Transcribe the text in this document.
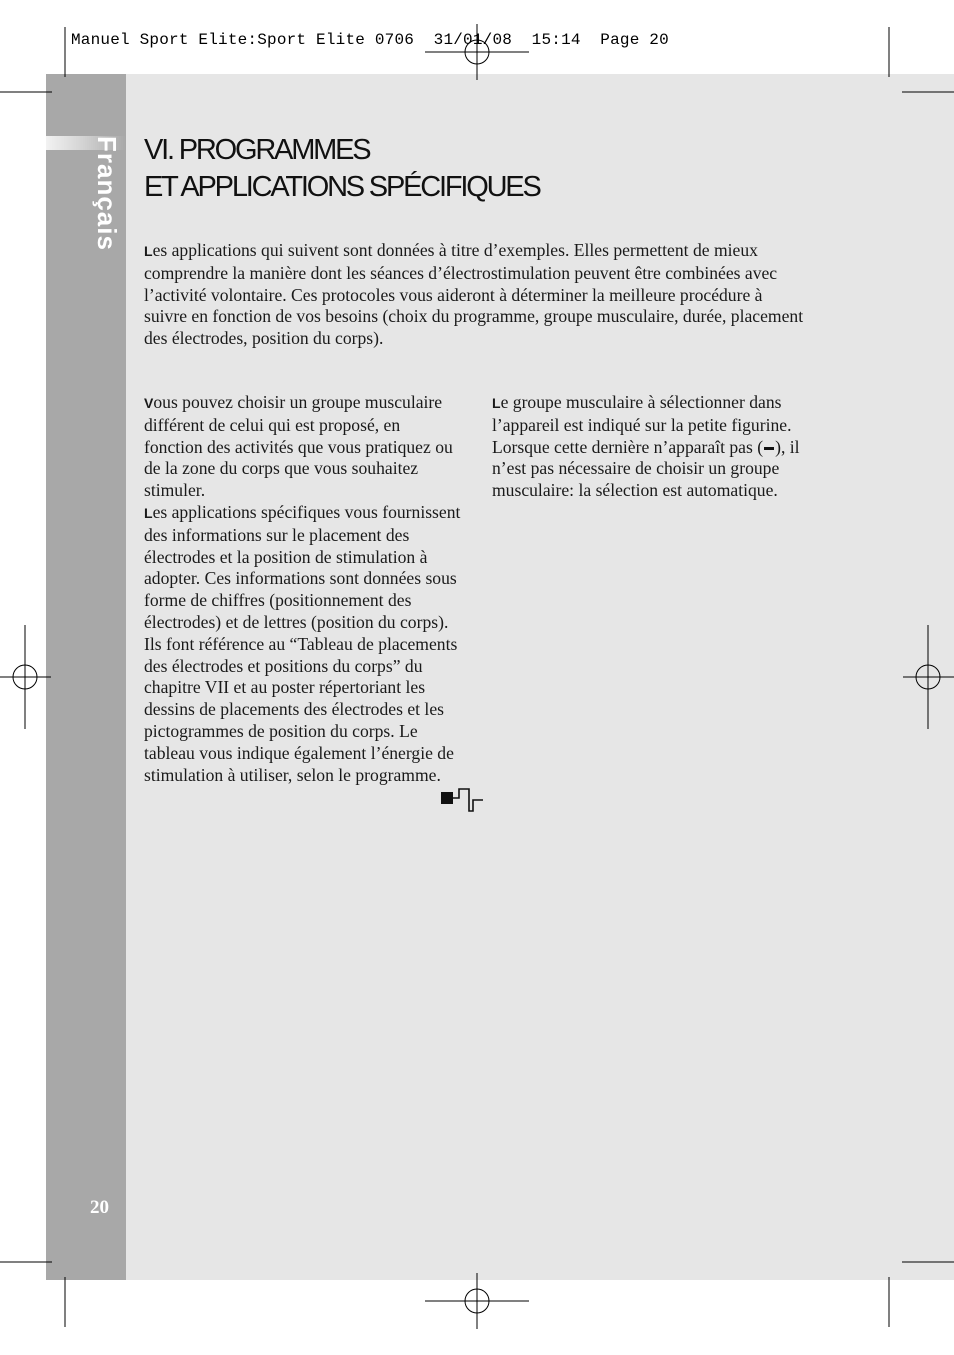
Manuel Sport Elite:Sport Elite 0706  31/01/08  15:14  Page 20
Français
20
VI. PROGRAMMES
ET APPLICATIONS SPÉCIFIQUES

Les applications qui suivent sont données à titre d’exemples. Elles permettent de mieux comprendre la manière dont les séances d’électrostimulation peuvent être combinées avec l’activité volontaire. Ces protocoles vous aideront à déterminer la meilleure procédure à suivre en fonction de vos besoins (choix du programme, groupe musculaire, durée, placement des électrodes, position du corps).

Vous pouvez choisir un groupe musculaire différent de celui qui est proposé, en fonction des activités que vous pratiquez ou de la zone du corps que vous souhaitez stimuler.

Les applications spécifiques vous fournissent des informations sur le placement des électrodes et la position de stimulation à adopter. Ces informations sont données sous forme de chiffres (positionnement des électrodes) et de lettres (position du corps). Ils font référence au “Tableau de placements des électrodes et positions du corps” du chapitre VII et au poster répertoriant les dessins de placements des électrodes et les pictogrammes de position du corps. Le tableau vous indique également l’énergie de stimulation à utiliser, selon le programme.

Le groupe musculaire à sélectionner dans l’appareil est indiqué sur la petite figurine. Lorsque cette dernière n’apparaît pas ( ), il n’est pas nécessaire de choisir un groupe musculaire: la sélection est automatique.
